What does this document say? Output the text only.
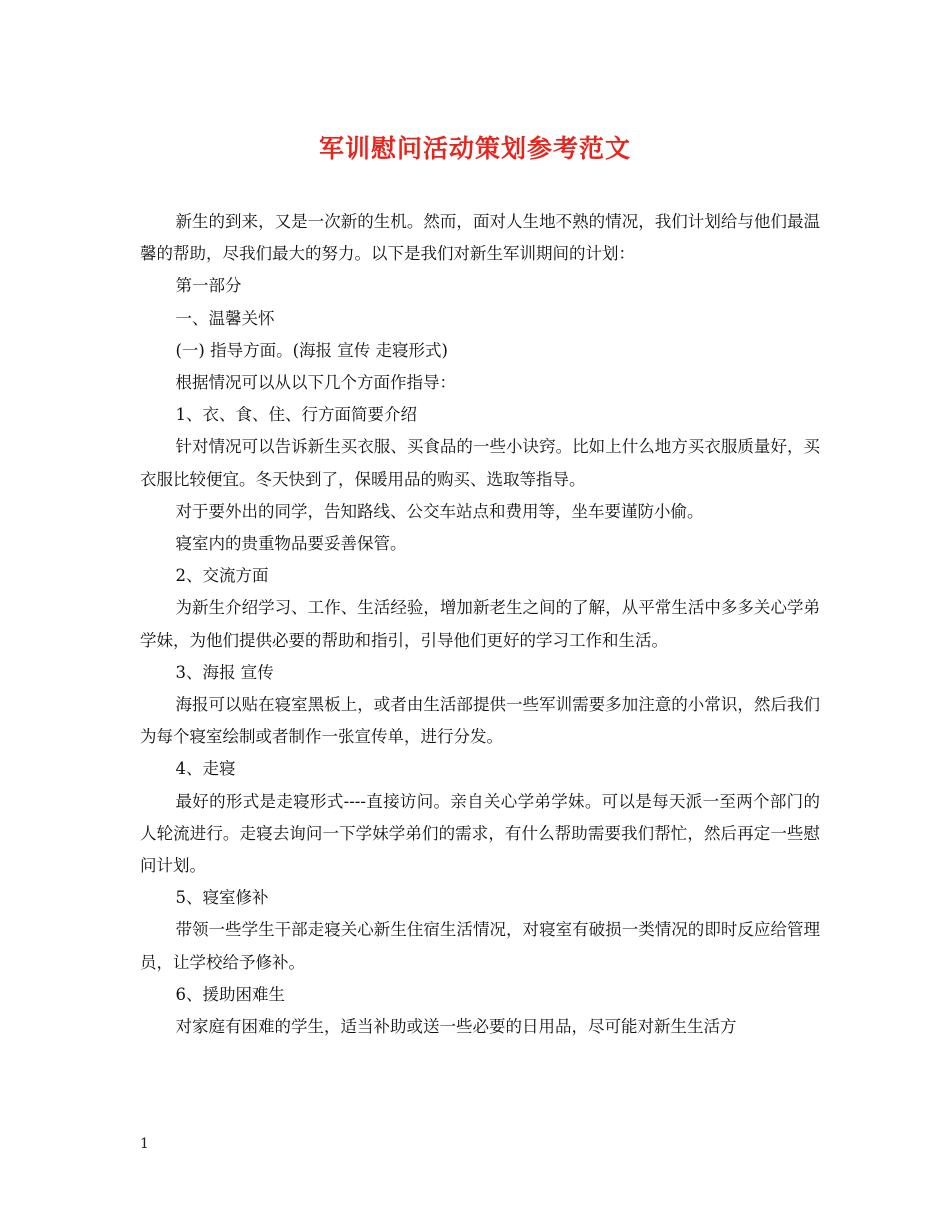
军训慰问活动策划参考范文

新生的到来，又是一次新的生机。然而，面对人生地不熟的情况，我们计划给与他们最温馨的帮助，尽我们最大的努力。以下是我们对新生军训期间的计划：

第一部分

一、温馨关怀

(一) 指导方面。(海报 宣传 走寝形式)

根据情况可以从以下几个方面作指导：

1、衣、食、住、行方面简要介绍

针对情况可以告诉新生买衣服、买食品的一些小诀窍。比如上什么地方买衣服质量好，买衣服比较便宜。冬天快到了，保暖用品的购买、选取等指导。

对于要外出的同学，告知路线、公交车站点和费用等，坐车要谨防小偷。

寝室内的贵重物品要妥善保管。

2、交流方面

为新生介绍学习、工作、生活经验，增加新老生之间的了解，从平常生活中多多关心学弟学妹，为他们提供必要的帮助和指引，引导他们更好的学习工作和生活。

3、海报 宣传

海报可以贴在寝室黑板上，或者由生活部提供一些军训需要多加注意的小常识，然后我们为每个寝室绘制或者制作一张宣传单，进行分发。

4、走寝

最好的形式是走寝形式----直接访问。亲自关心学弟学妹。可以是每天派一至两个部门的人轮流进行。走寝去询问一下学妹学弟们的需求，有什么帮助需要我们帮忙，然后再定一些慰问计划。

5、寝室修补

带领一些学生干部走寝关心新生住宿生活情况，对寝室有破损一类情况的即时反应给管理员，让学校给予修补。

6、援助困难生

对家庭有困难的学生，适当补助或送一些必要的日用品，尽可能对新生生活方

1
